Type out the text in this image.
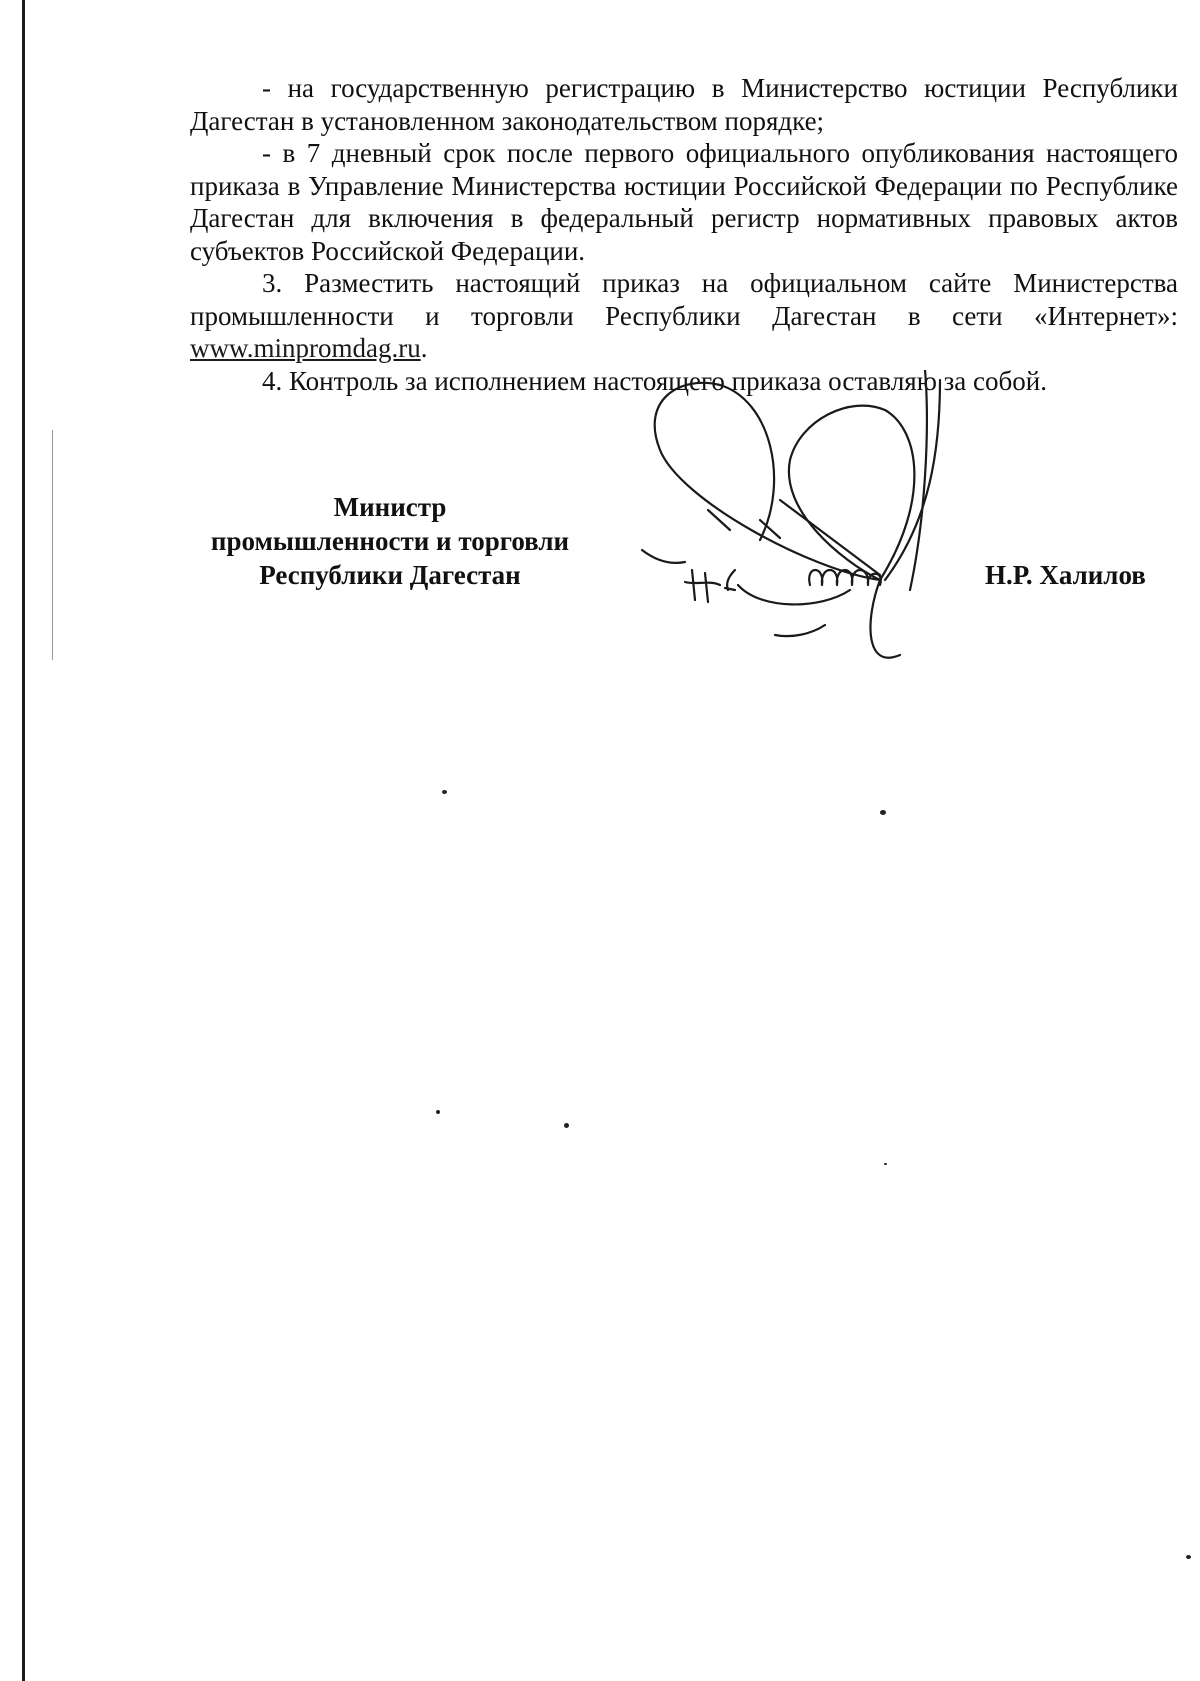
- на государственную регистрацию в Министерство юстиции Республики Дагестан в установленном законодательством порядке;

- в 7 дневный срок после первого официального опубликования настоящего приказа в Управление Министерства юстиции Российской Федерации по Республике Дагестан для включения в федеральный регистр нормативных правовых актов субъектов Российской Федерации.

3. Разместить настоящий приказ на официальном сайте Министерства промышленности и торговли Республики Дагестан в сети «Интернет»: www.minpromdag.ru.

4. Контроль за исполнением настоящего приказа оставляю за собой.

Министр
промышленности и торговли
Республики Дагестан	Н.Р. Халилов
